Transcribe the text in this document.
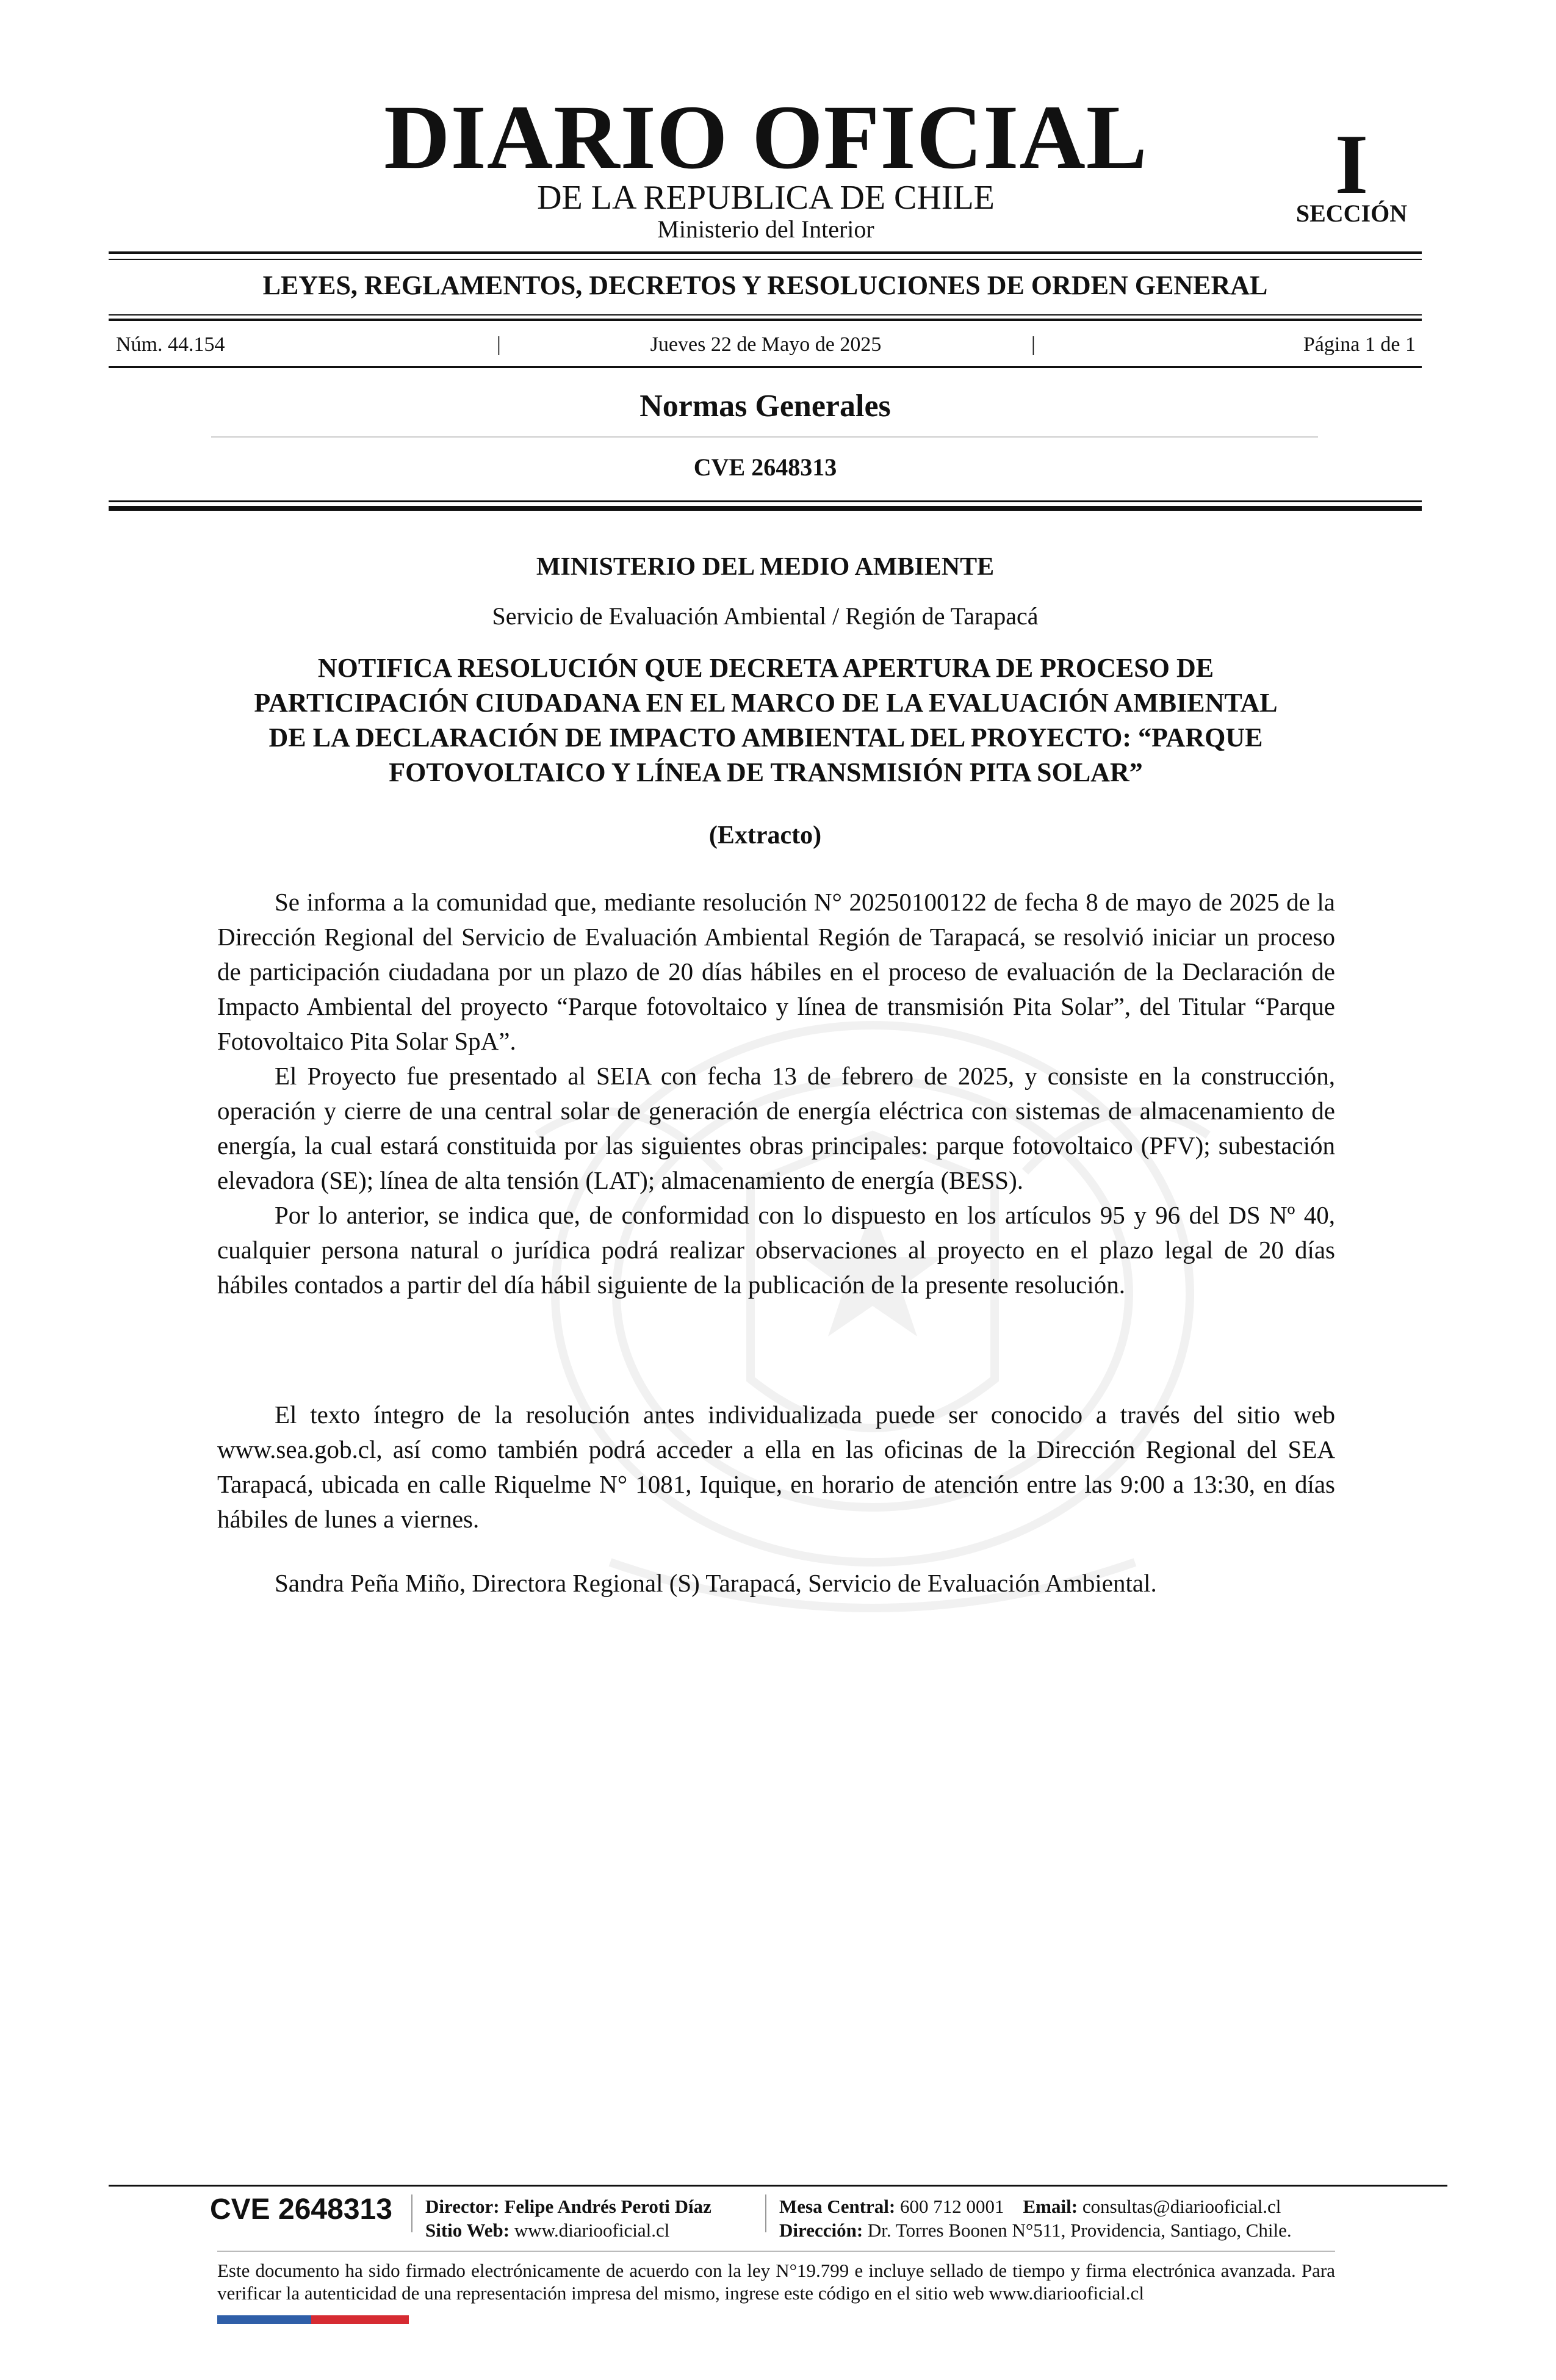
DIARIO OFICIAL
DE LA REPUBLICA DE CHILE
Ministerio del Interior
I
SECCIÓN
LEYES, REGLAMENTOS, DECRETOS Y RESOLUCIONES DE ORDEN GENERAL
Núm. 44.154	|	Jueves 22 de Mayo de 2025	|	Página 1 de 1
Normas Generales
CVE 2648313
MINISTERIO DEL MEDIO AMBIENTE
Servicio de Evaluación Ambiental / Región de Tarapacá
NOTIFICA RESOLUCIÓN QUE DECRETA APERTURA DE PROCESO DE
PARTICIPACIÓN CIUDADANA EN EL MARCO DE LA EVALUACIÓN AMBIENTAL
DE LA DECLARACIÓN DE IMPACTO AMBIENTAL DEL PROYECTO: “PARQUE
FOTOVOLTAICO Y LÍNEA DE TRANSMISIÓN PITA SOLAR”
(Extracto)

Se informa a la comunidad que, mediante resolución N° 20250100122 de fecha 8 de mayo de 2025 de la Dirección Regional del Servicio de Evaluación Ambiental Región de Tarapacá, se resolvió iniciar un proceso de participación ciudadana por un plazo de 20 días hábiles en el proceso de evaluación de la Declaración de Impacto Ambiental del proyecto “Parque fotovoltaico y línea de transmisión Pita Solar”, del Titular “Parque Fotovoltaico Pita Solar SpA”.

El Proyecto fue presentado al SEIA con fecha 13 de febrero de 2025, y consiste en la construcción, operación y cierre de una central solar de generación de energía eléctrica con sistemas de almacenamiento de energía, la cual estará constituida por las siguientes obras principales: parque fotovoltaico (PFV); subestación elevadora (SE); línea de alta tensión (LAT); almacenamiento de energía (BESS).

Por lo anterior, se indica que, de conformidad con lo dispuesto en los artículos 95 y 96 del DS Nº 40, cualquier persona natural o jurídica podrá realizar observaciones al proyecto en el plazo legal de 20 días hábiles contados a partir del día hábil siguiente de la publicación de la presente resolución.

El texto íntegro de la resolución antes individualizada puede ser conocido a través del sitio web www.sea.gob.cl, así como también podrá acceder a ella en las oficinas de la Dirección Regional del SEA Tarapacá, ubicada en calle Riquelme N° 1081, Iquique, en horario de atención entre las 9:00 a 13:30, en días hábiles de lunes a viernes.

Sandra Peña Miño, Directora Regional (S) Tarapacá, Servicio de Evaluación Ambiental.

CVE 2648313 Director: Felipe Andrés Peroti Díaz
Sitio Web: www.diariooficial.cl
Mesa Central: 600 712 0001 Email: consultas@diariooficial.cl
Dirección: Dr. Torres Boonen N°511, Providencia, Santiago, Chile.
Este documento ha sido firmado electrónicamente de acuerdo con la ley N°19.799 e incluye sellado de tiempo y firma electrónica avanzada. Para verificar la autenticidad de una representación impresa del mismo, ingrese este código en el sitio web www.diariooficial.cl
